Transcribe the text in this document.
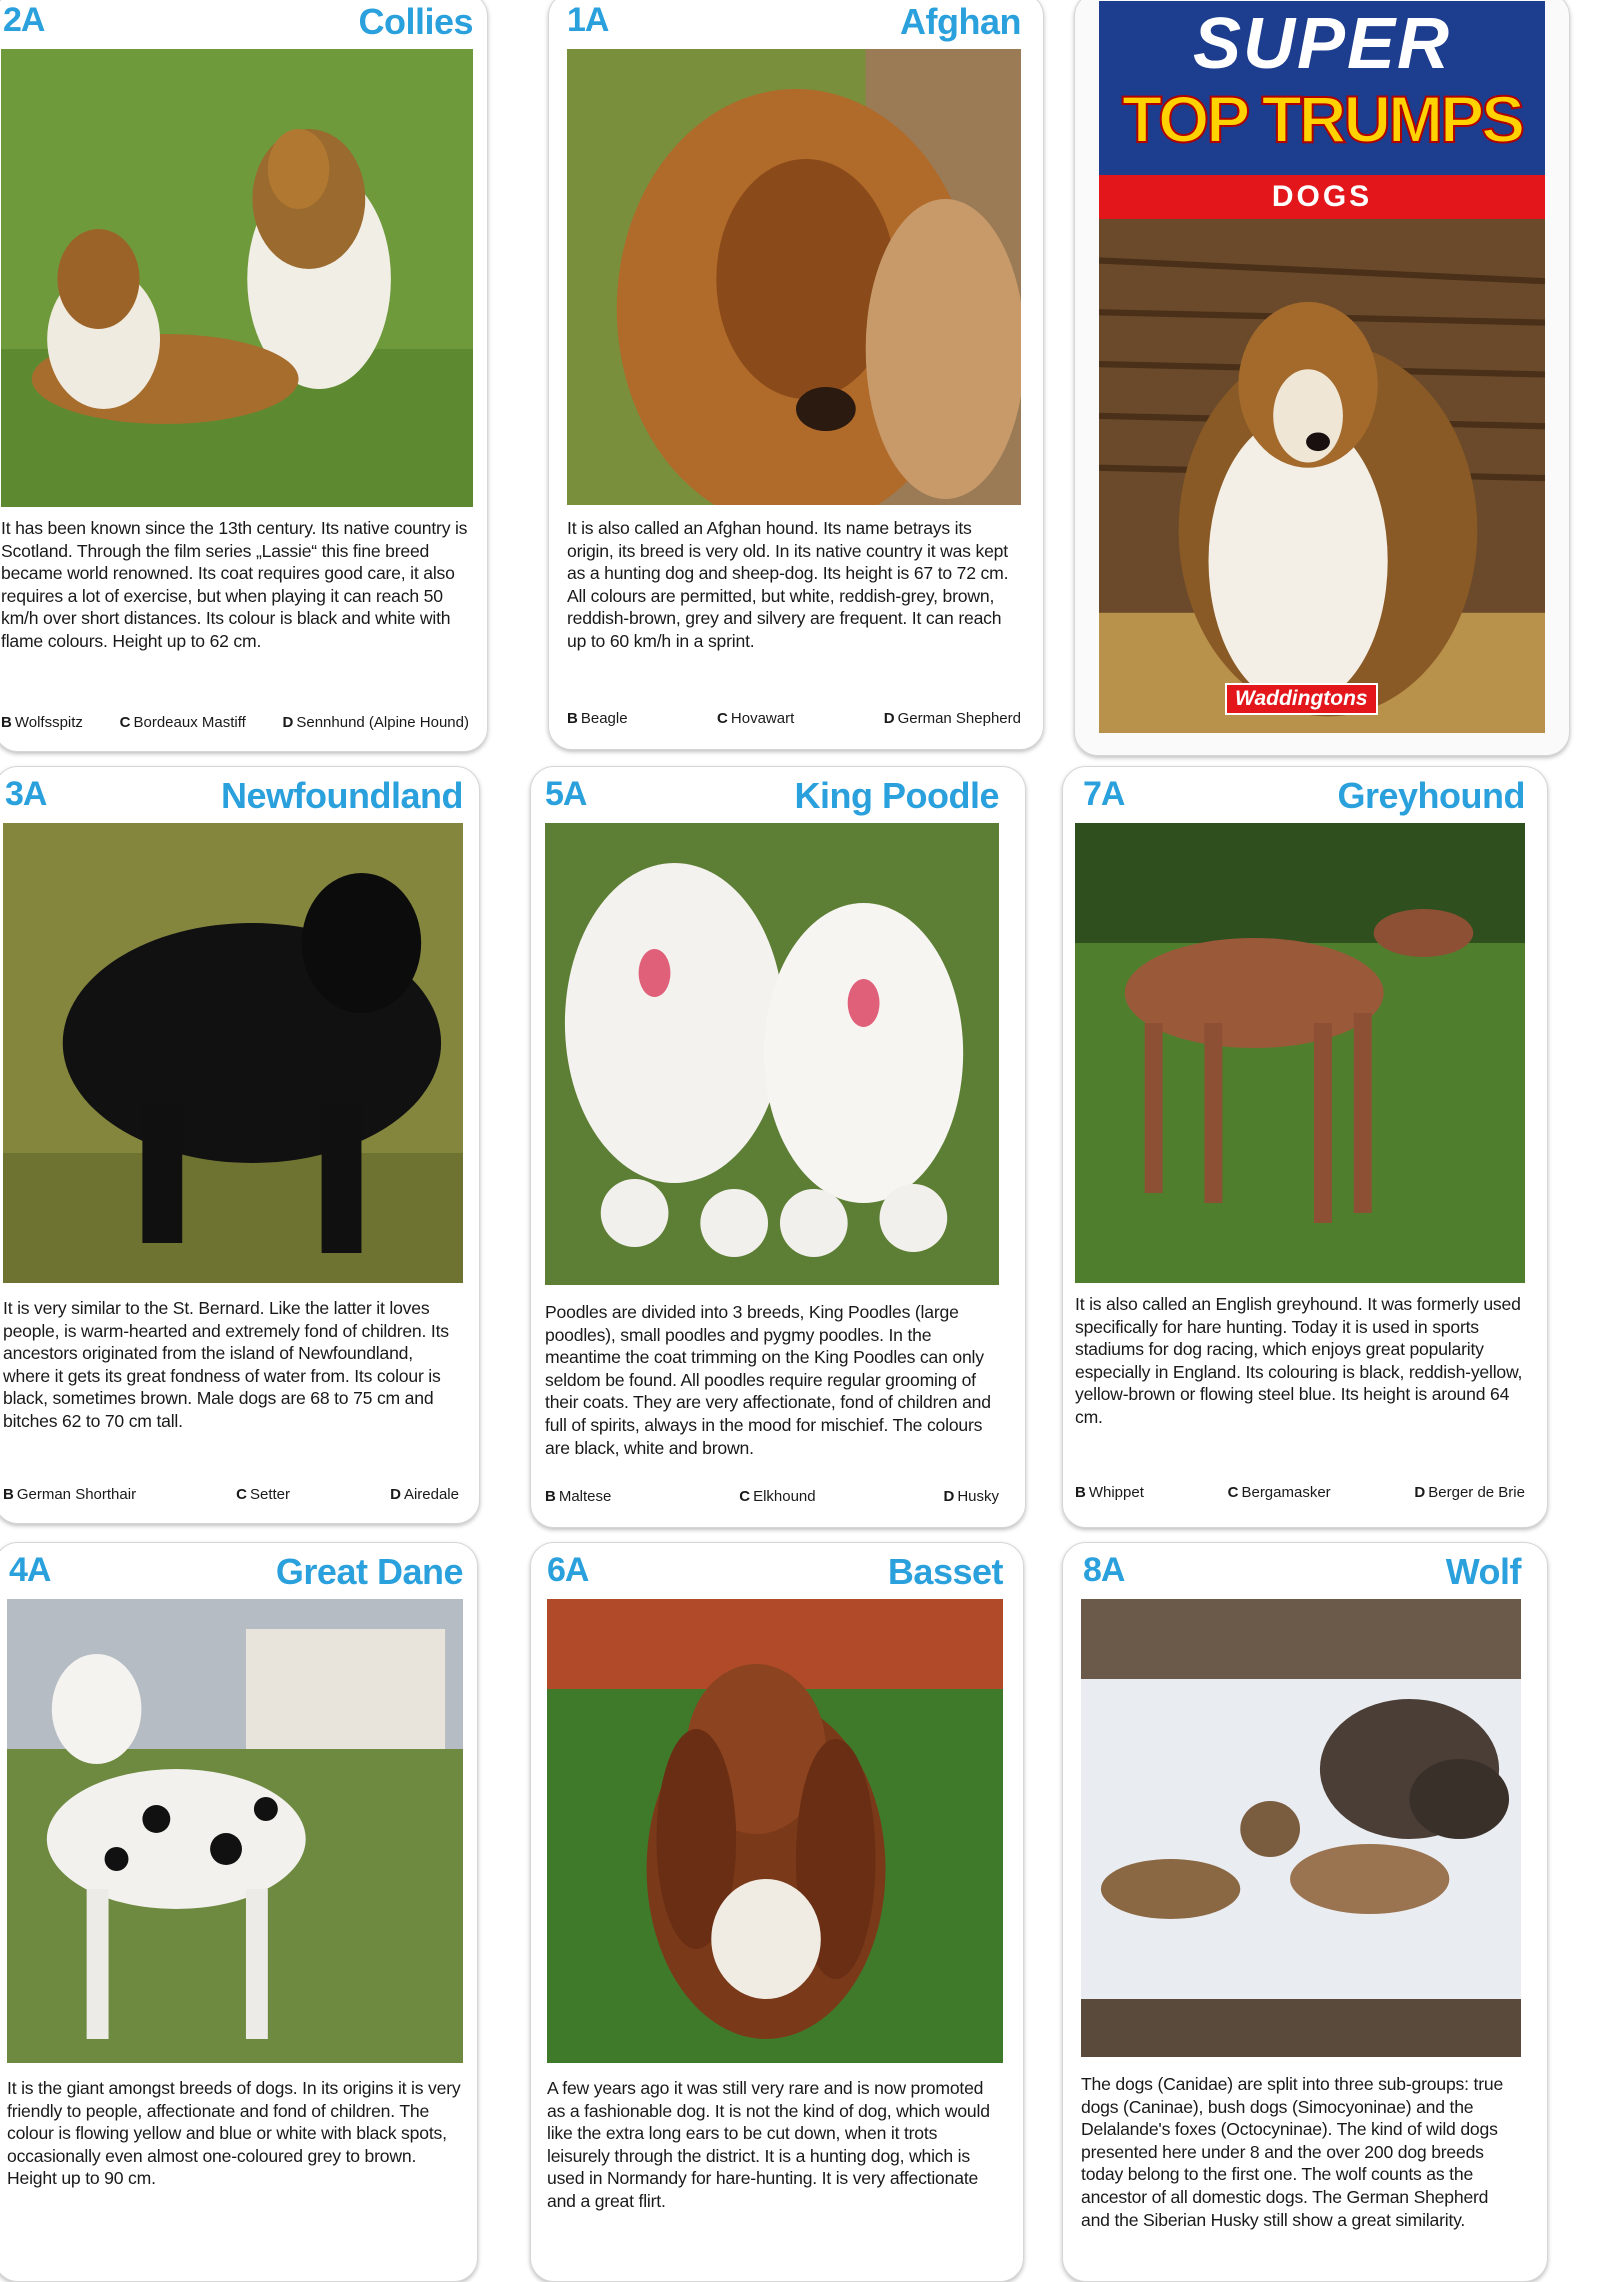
2A	Collies
It has been known since the 13th century. Its native country is Scotland. Through the film series „Lassie“ this fine breed became world renowned. Its coat requires good care, it also requires a lot of exercise, but when playing it can reach 50 km/h over short distances. Its colour is black and white with flame colours. Height up to 62 cm.
B Wolfsspitz C Bordeaux Mastiff D Sennhund (Alpine Hound)
1A	Afghan
It is also called an Afghan hound. Its name betrays its origin, its breed is very old. In its native country it was kept as a hunting dog and sheep-dog. Its height is 67 to 72 cm. All colours are permitted, but white, reddish-grey, brown, reddish-brown, grey and silvery are frequent. It can reach up to 60 km/h in a sprint.
B Beagle	C Hovawart	D German Shepherd
SUPER
TOP TRUMPS
DOGS
Waddingtons
3A	Newfoundland
It is very similar to the St. Bernard. Like the latter it loves people, is warm-hearted and extremely fond of children. Its ancestors originated from the island of Newfoundland, where it gets its great fondness of water from. Its colour is black, sometimes brown. Male dogs are 68 to 75 cm and bitches 62 to 70 cm tall.
B German Shorthair	C Setter	D Airedale
5A	King Poodle
Poodles are divided into 3 breeds, King Poodles (large poodles), small poodles and pygmy poodles. In the meantime the coat trimming on the King Poodles can only seldom be found. All poodles require regular grooming of their coats. They are very affectionate, fond of children and full of spirits, always in the mood for mischief. The colours are black, white and brown.
B Maltese	C Elkhound	D Husky
7A	Greyhound
It is also called an English greyhound. It was formerly used specifically for hare hunting. Today it is used in sports stadiums for dog racing, which enjoys great popularity especially in England. Its colouring is black, reddish-yellow, yellow-brown or flowing steel blue. Its height is around 64 cm.
B Whippet	C Bergamasker	D Berger de Brie
4A	Great Dane
It is the giant amongst breeds of dogs. In its origins it is very friendly to people, affectionate and fond of children. The colour is flowing yellow and blue or white with black spots, occasionally even almost one-coloured grey to brown. Height up to 90 cm.
6A	Basset
A few years ago it was still very rare and is now promoted as a fashionable dog. It is not the kind of dog, which would like the extra long ears to be cut down, when it trots leisurely through the district. It is a hunting dog, which is used in Normandy for hare-hunting. It is very affectionate and a great flirt.
8A	Wolf
The dogs (Canidae) are split into three sub-groups: true dogs (Caninae), bush dogs (Simocyoninae) and the Delalande's foxes (Octocyninae). The kind of wild dogs presented here under 8 and the over 200 dog breeds today belong to the first one. The wolf counts as the ancestor of all domestic dogs. The German Shepherd and the Siberian Husky still show a great similarity.
